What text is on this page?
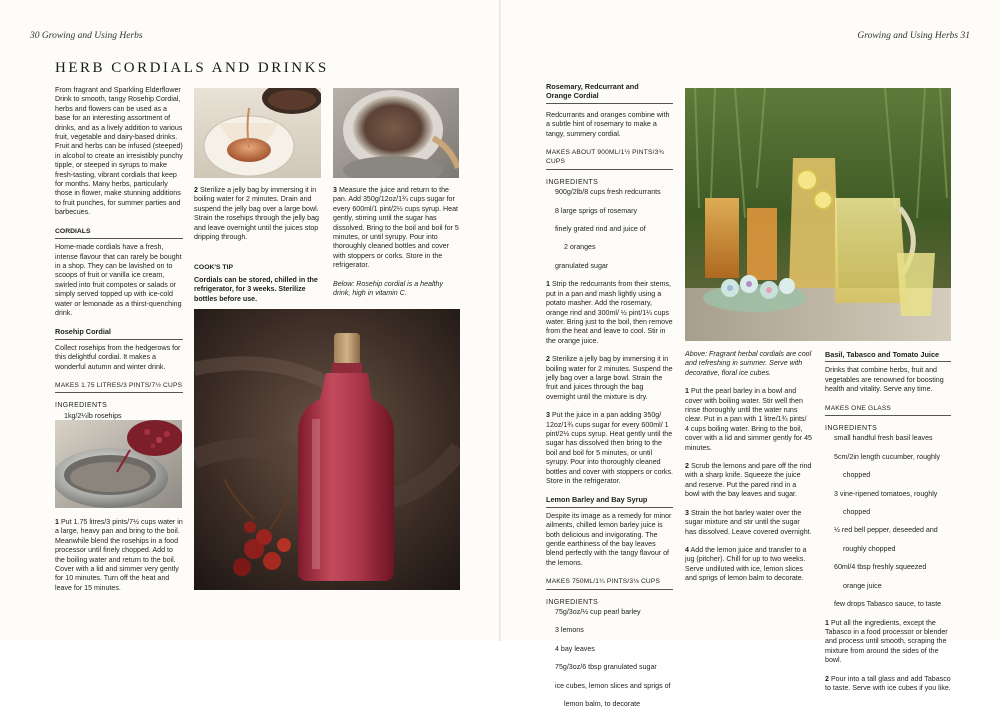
30 Growing and Using Herbs	Growing and Using Herbs 31
HERB CORDIALS AND DRINKS

From fragrant and Sparkling Elderflower Drink to smooth, tangy Rosehip Cordial, herbs and flowers can be used as a base for an interesting assortment of drinks, and as a lively addition to various fruit, vegetable and dairy-based drinks. Fruit and herbs can be infused (steeped) in alcohol to create an irresistibly punchy tipple, or steeped in syrups to make fresh-tasting, vibrant cordials that keep for months. Many herbs, particularly those in flower, make stunning additions to fruit punches, for summer parties and barbecues.

CORDIALS

Home-made cordials have a fresh, intense flavour that can rarely be bought in a shop. They can be lavished on to scoops of fruit or vanilla ice cream, swirled into fruit compotes or salads or simply served topped up with ice-cold water or lemonade as a thirst-quenching drink.

Rosehip Cordial

Collect rosehips from the hedgerows for this delightful cordial. It makes a wonderful autumn and winter drink.

MAKES 1.75 LITRES/3 PINTS/7½ CUPS
INGREDIENTS

1kg/2¼lb rosehips

1 Put 1.75 litres/3 pints/7½ cups water in a large, heavy pan and bring to the boil. Meanwhile blend the rosehips in a food processor until finely chopped. Add to the boiling water and return to the boil. Cover with a lid and simmer very gently for 10 minutes. Turn off the heat and leave for 15 minutes.

2 Sterilize a jelly bag by immersing it in boiling water for 2 minutes. Drain and suspend the jelly bag over a large bowl. Strain the rosehips through the jelly bag and leave overnight until the juices stop dripping through.

COOK'S TIP

Cordials can be stored, chilled in the refrigerator, for 3 weeks. Sterilize bottles before use.

3 Measure the juice and return to the pan. Add 350g/12oz/1¾ cups sugar for every 600ml/1 pint/2½ cups syrup. Heat gently, stirring until the sugar has dissolved. Bring to the boil and boil for 5 minutes, or until syrupy. Pour into thoroughly cleaned bottles and cover with stoppers or corks. Store in the refrigerator.

Below: Rosehip cordial is a healthy drink, high in vitamin C.

Rosemary, Redcurrant and
Orange Cordial

Redcurrants and oranges combine with a subtle hint of rosemary to make a tangy, summery cordial.

MAKES ABOUT 900ML/1½ PINTS/3¾ CUPS
INGREDIENTS

900g/2lb/8 cups fresh redcurrants

8 large sprigs of rosemary

finely grated rind and juice of

2 oranges

granulated sugar

1 Strip the redcurrants from their stems, put in a pan and mash lightly using a potato masher. Add the rosemary, orange rind and 300ml/ ½ pint/1¼ cups water. Bring just to the boil, then remove from the heat and leave to cool. Stir in the orange juice.

2 Sterilize a jelly bag by immersing it in boiling water for 2 minutes. Suspend the jelly bag over a large bowl. Strain the fruit and juices through the bag overnight until the mixture is dry.

3 Put the juice in a pan adding 350g/ 12oz/1¾ cups sugar for every 600ml/ 1 pint/2½ cups syrup. Heat gently until the sugar has dissolved then bring to the boil and boil for 5 minutes, or until syrupy. Pour into thoroughly cleaned bottles and cover with stoppers or corks. Store in the refrigerator.

Lemon Barley and Bay Syrup

Despite its image as a remedy for minor ailments, chilled lemon barley juice is both delicious and invigorating. The gentle earthiness of the bay leaves blend perfectly with the tangy flavour of the lemons.

MAKES 750ML/1¼ PINTS/3⅛ CUPS
INGREDIENTS

75g/3oz/½ cup pearl barley

3 lemons

4 bay leaves

75g/3oz/6 tbsp granulated sugar

ice cubes, lemon slices and sprigs of

lemon balm, to decorate

Above: Fragrant herbal cordials are cool and refreshing in summer. Serve with decorative, floral ice cubes.

1 Put the pearl barley in a bowl and cover with boiling water. Stir well then rinse thoroughly until the water runs clear. Put in a pan with 1 litre/1¾ pints/ 4 cups boiling water. Bring to the boil, cover with a lid and simmer gently for 45 minutes.

2 Scrub the lemons and pare off the rind with a sharp knife. Squeeze the juice and reserve. Put the pared rind in a bowl with the bay leaves and sugar.

3 Strain the hot barley water over the sugar mixture and stir until the sugar has dissolved. Leave covered overnight.

4 Add the lemon juice and transfer to a jug (pitcher). Chill for up to two weeks. Serve undiluted with ice, lemon slices and sprigs of lemon balm to decorate.

Basil, Tabasco and Tomato Juice

Drinks that combine herbs, fruit and vegetables are renowned for boosting health and vitality. Serve any time.

MAKES ONE GLASS
INGREDIENTS

small handful fresh basil leaves

5cm/2in length cucumber, roughly

chopped

3 vine-ripened tomatoes, roughly

chopped

½ red bell pepper, deseeded and

roughly chopped

60ml/4 tbsp freshly squeezed

orange juice

few drops Tabasco sauce, to taste

1 Put all the ingredients, except the Tabasco in a food processor or blender and process until smooth, scraping the mixture from around the sides of the bowl.

2 Pour into a tall glass and add Tabasco to taste. Serve with ice cubes if you like.
